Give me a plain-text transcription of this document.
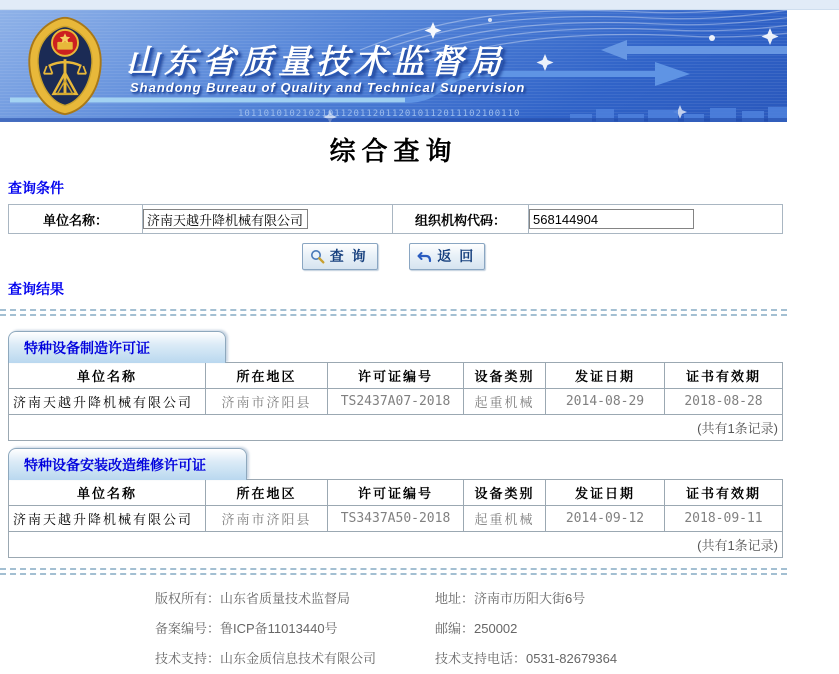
山东省质量技术监督局
Shandong Bureau of Quality and Technical Supervision
10110101021021011201120112010112011102100110
综合查询
查询条件
单位名称：	济南天越升降机械有限公司	组织机构代码：	568144904
查 询
	返 回
查询结果
特种设备制造许可证
单位名称	所在地区	许可证编号	设备类别	发证日期	证书有效期
济南天越升降机械有限公司	济南市济阳县	TS2437A07-2018	起重机械	2014-08-29	2018-08-28
(共有1条记录)					
特种设备安装改造维修许可证
单位名称	所在地区	许可证编号	设备类别	发证日期	证书有效期
济南天越升降机械有限公司	济南市济阳县	TS3437A50-2018	起重机械	2014-09-12	2018-09-11
(共有1条记录)					
版权所有：山东省质量技术监督局	地址：济南市历阳大街6号
备案编号：鲁ICP备11013440号	邮编：250002
技术支持：山东金质信息技术有限公司	技术支持电话：0531-82679364
